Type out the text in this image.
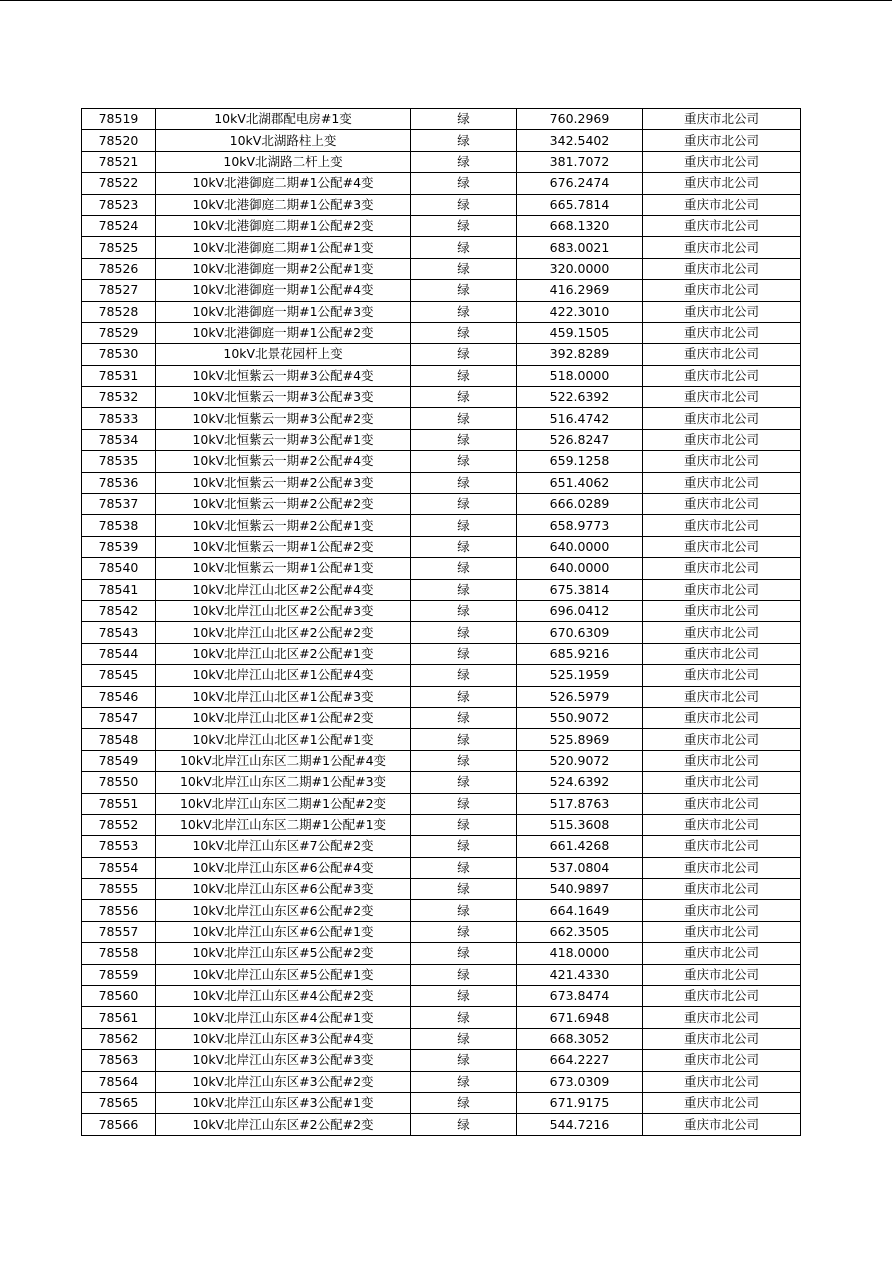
78519	10kV北湖郡配电房#1变	绿	760.2969	重庆市北公司
78520	10kV北湖路柱上变	绿	342.5402	重庆市北公司
78521	10kV北湖路二杆上变	绿	381.7072	重庆市北公司
78522	10kV北港御庭二期#1公配#4变	绿	676.2474	重庆市北公司
78523	10kV北港御庭二期#1公配#3变	绿	665.7814	重庆市北公司
78524	10kV北港御庭二期#1公配#2变	绿	668.1320	重庆市北公司
78525	10kV北港御庭二期#1公配#1变	绿	683.0021	重庆市北公司
78526	10kV北港御庭一期#2公配#1变	绿	320.0000	重庆市北公司
78527	10kV北港御庭一期#1公配#4变	绿	416.2969	重庆市北公司
78528	10kV北港御庭一期#1公配#3变	绿	422.3010	重庆市北公司
78529	10kV北港御庭一期#1公配#2变	绿	459.1505	重庆市北公司
78530	10kV北景花园杆上变	绿	392.8289	重庆市北公司
78531	10kV北恒紫云一期#3公配#4变	绿	518.0000	重庆市北公司
78532	10kV北恒紫云一期#3公配#3变	绿	522.6392	重庆市北公司
78533	10kV北恒紫云一期#3公配#2变	绿	516.4742	重庆市北公司
78534	10kV北恒紫云一期#3公配#1变	绿	526.8247	重庆市北公司
78535	10kV北恒紫云一期#2公配#4变	绿	659.1258	重庆市北公司
78536	10kV北恒紫云一期#2公配#3变	绿	651.4062	重庆市北公司
78537	10kV北恒紫云一期#2公配#2变	绿	666.0289	重庆市北公司
78538	10kV北恒紫云一期#2公配#1变	绿	658.9773	重庆市北公司
78539	10kV北恒紫云一期#1公配#2变	绿	640.0000	重庆市北公司
78540	10kV北恒紫云一期#1公配#1变	绿	640.0000	重庆市北公司
78541	10kV北岸江山北区#2公配#4变	绿	675.3814	重庆市北公司
78542	10kV北岸江山北区#2公配#3变	绿	696.0412	重庆市北公司
78543	10kV北岸江山北区#2公配#2变	绿	670.6309	重庆市北公司
78544	10kV北岸江山北区#2公配#1变	绿	685.9216	重庆市北公司
78545	10kV北岸江山北区#1公配#4变	绿	525.1959	重庆市北公司
78546	10kV北岸江山北区#1公配#3变	绿	526.5979	重庆市北公司
78547	10kV北岸江山北区#1公配#2变	绿	550.9072	重庆市北公司
78548	10kV北岸江山北区#1公配#1变	绿	525.8969	重庆市北公司
78549	10kV北岸江山东区二期#1公配#4变	绿	520.9072	重庆市北公司
78550	10kV北岸江山东区二期#1公配#3变	绿	524.6392	重庆市北公司
78551	10kV北岸江山东区二期#1公配#2变	绿	517.8763	重庆市北公司
78552	10kV北岸江山东区二期#1公配#1变	绿	515.3608	重庆市北公司
78553	10kV北岸江山东区#7公配#2变	绿	661.4268	重庆市北公司
78554	10kV北岸江山东区#6公配#4变	绿	537.0804	重庆市北公司
78555	10kV北岸江山东区#6公配#3变	绿	540.9897	重庆市北公司
78556	10kV北岸江山东区#6公配#2变	绿	664.1649	重庆市北公司
78557	10kV北岸江山东区#6公配#1变	绿	662.3505	重庆市北公司
78558	10kV北岸江山东区#5公配#2变	绿	418.0000	重庆市北公司
78559	10kV北岸江山东区#5公配#1变	绿	421.4330	重庆市北公司
78560	10kV北岸江山东区#4公配#2变	绿	673.8474	重庆市北公司
78561	10kV北岸江山东区#4公配#1变	绿	671.6948	重庆市北公司
78562	10kV北岸江山东区#3公配#4变	绿	668.3052	重庆市北公司
78563	10kV北岸江山东区#3公配#3变	绿	664.2227	重庆市北公司
78564	10kV北岸江山东区#3公配#2变	绿	673.0309	重庆市北公司
78565	10kV北岸江山东区#3公配#1变	绿	671.9175	重庆市北公司
78566	10kV北岸江山东区#2公配#2变	绿	544.7216	重庆市北公司
